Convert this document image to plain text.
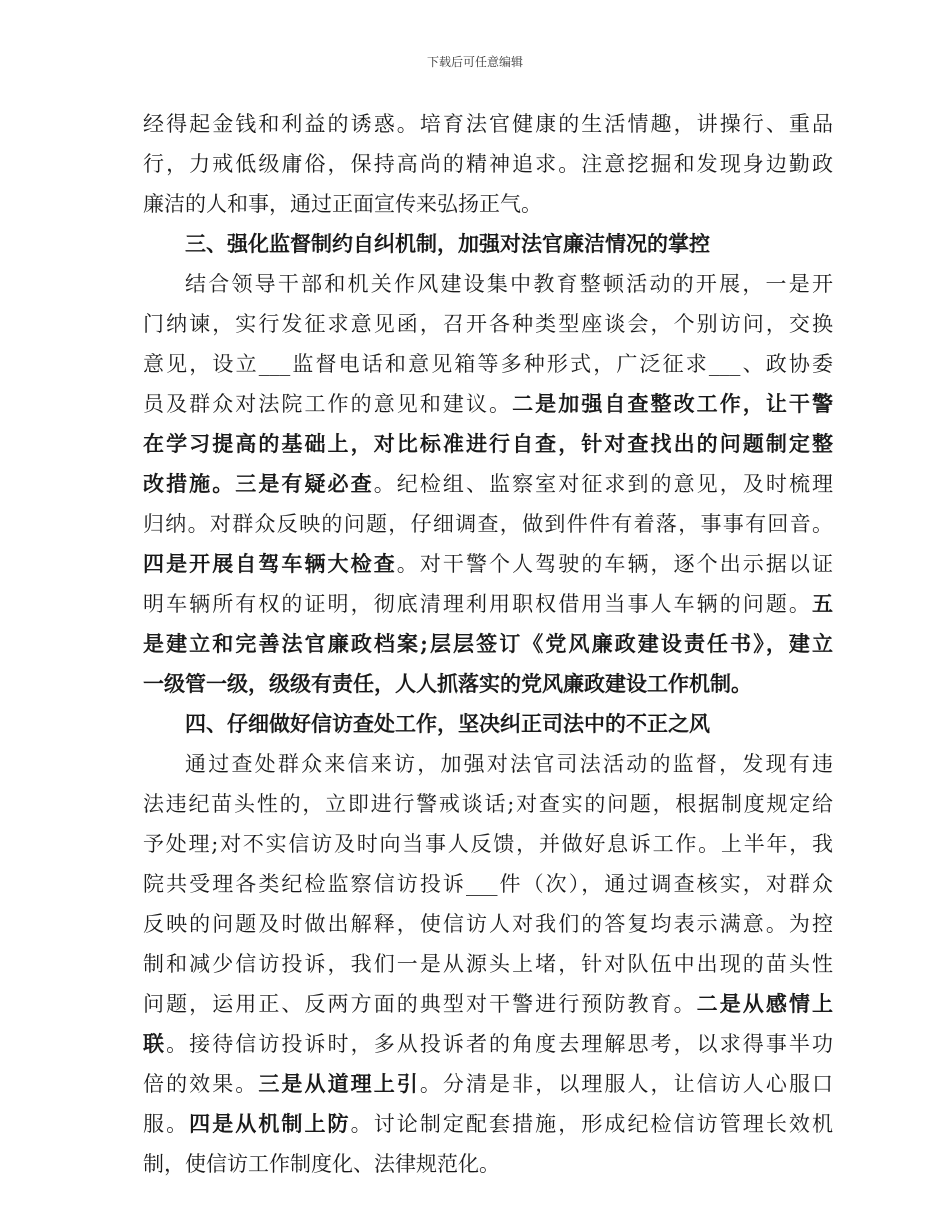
下载后可任意编辑
经得起金钱和利益的诱惑。培育法官健康的生活情趣，讲操行、重品
行，力戒低级庸俗，保持高尚的精神追求。注意挖掘和发现身边勤政
廉洁的人和事，通过正面宣传来弘扬正气。
三、强化监督制约自纠机制，加强对法官廉洁情况的掌控
结合领导干部和机关作风建设集中教育整顿活动的开展，一是开
门纳谏，实行发征求意见函，召开各种类型座谈会，个别访问，交换
意见，设立___监督电话和意见箱等多种形式，广泛征求___、政协委
员及群众对法院工作的意见和建议。二是加强自查整改工作，让干警
在学习提高的基础上，对比标准进行自查，针对查找出的问题制定整
改措施。三是有疑必查。纪检组、监察室对征求到的意见，及时梳理
归纳。对群众反映的问题，仔细调查，做到件件有着落，事事有回音。
四是开展自驾车辆大检查。对干警个人驾驶的车辆，逐个出示据以证
明车辆所有权的证明，彻底清理利用职权借用当事人车辆的问题。五
是建立和完善法官廉政档案;层层签订《党风廉政建设责任书》，建立
一级管一级，级级有责任，人人抓落实的党风廉政建设工作机制。
四、仔细做好信访查处工作，坚决纠正司法中的不正之风
通过查处群众来信来访，加强对法官司法活动的监督，发现有违
法违纪苗头性的，立即进行警戒谈话;对查实的问题，根据制度规定给
予处理;对不实信访及时向当事人反馈，并做好息诉工作。上半年，我
院共受理各类纪检监察信访投诉___件（次），通过调查核实，对群众
反映的问题及时做出解释，使信访人对我们的答复均表示满意。为控
制和减少信访投诉，我们一是从源头上堵，针对队伍中出现的苗头性
问题，运用正、反两方面的典型对干警进行预防教育。二是从感情上
联。接待信访投诉时，多从投诉者的角度去理解思考，以求得事半功
倍的效果。三是从道理上引。分清是非，以理服人，让信访人心服口
服。四是从机制上防。讨论制定配套措施，形成纪检信访管理长效机
制，使信访工作制度化、法律规范化。
